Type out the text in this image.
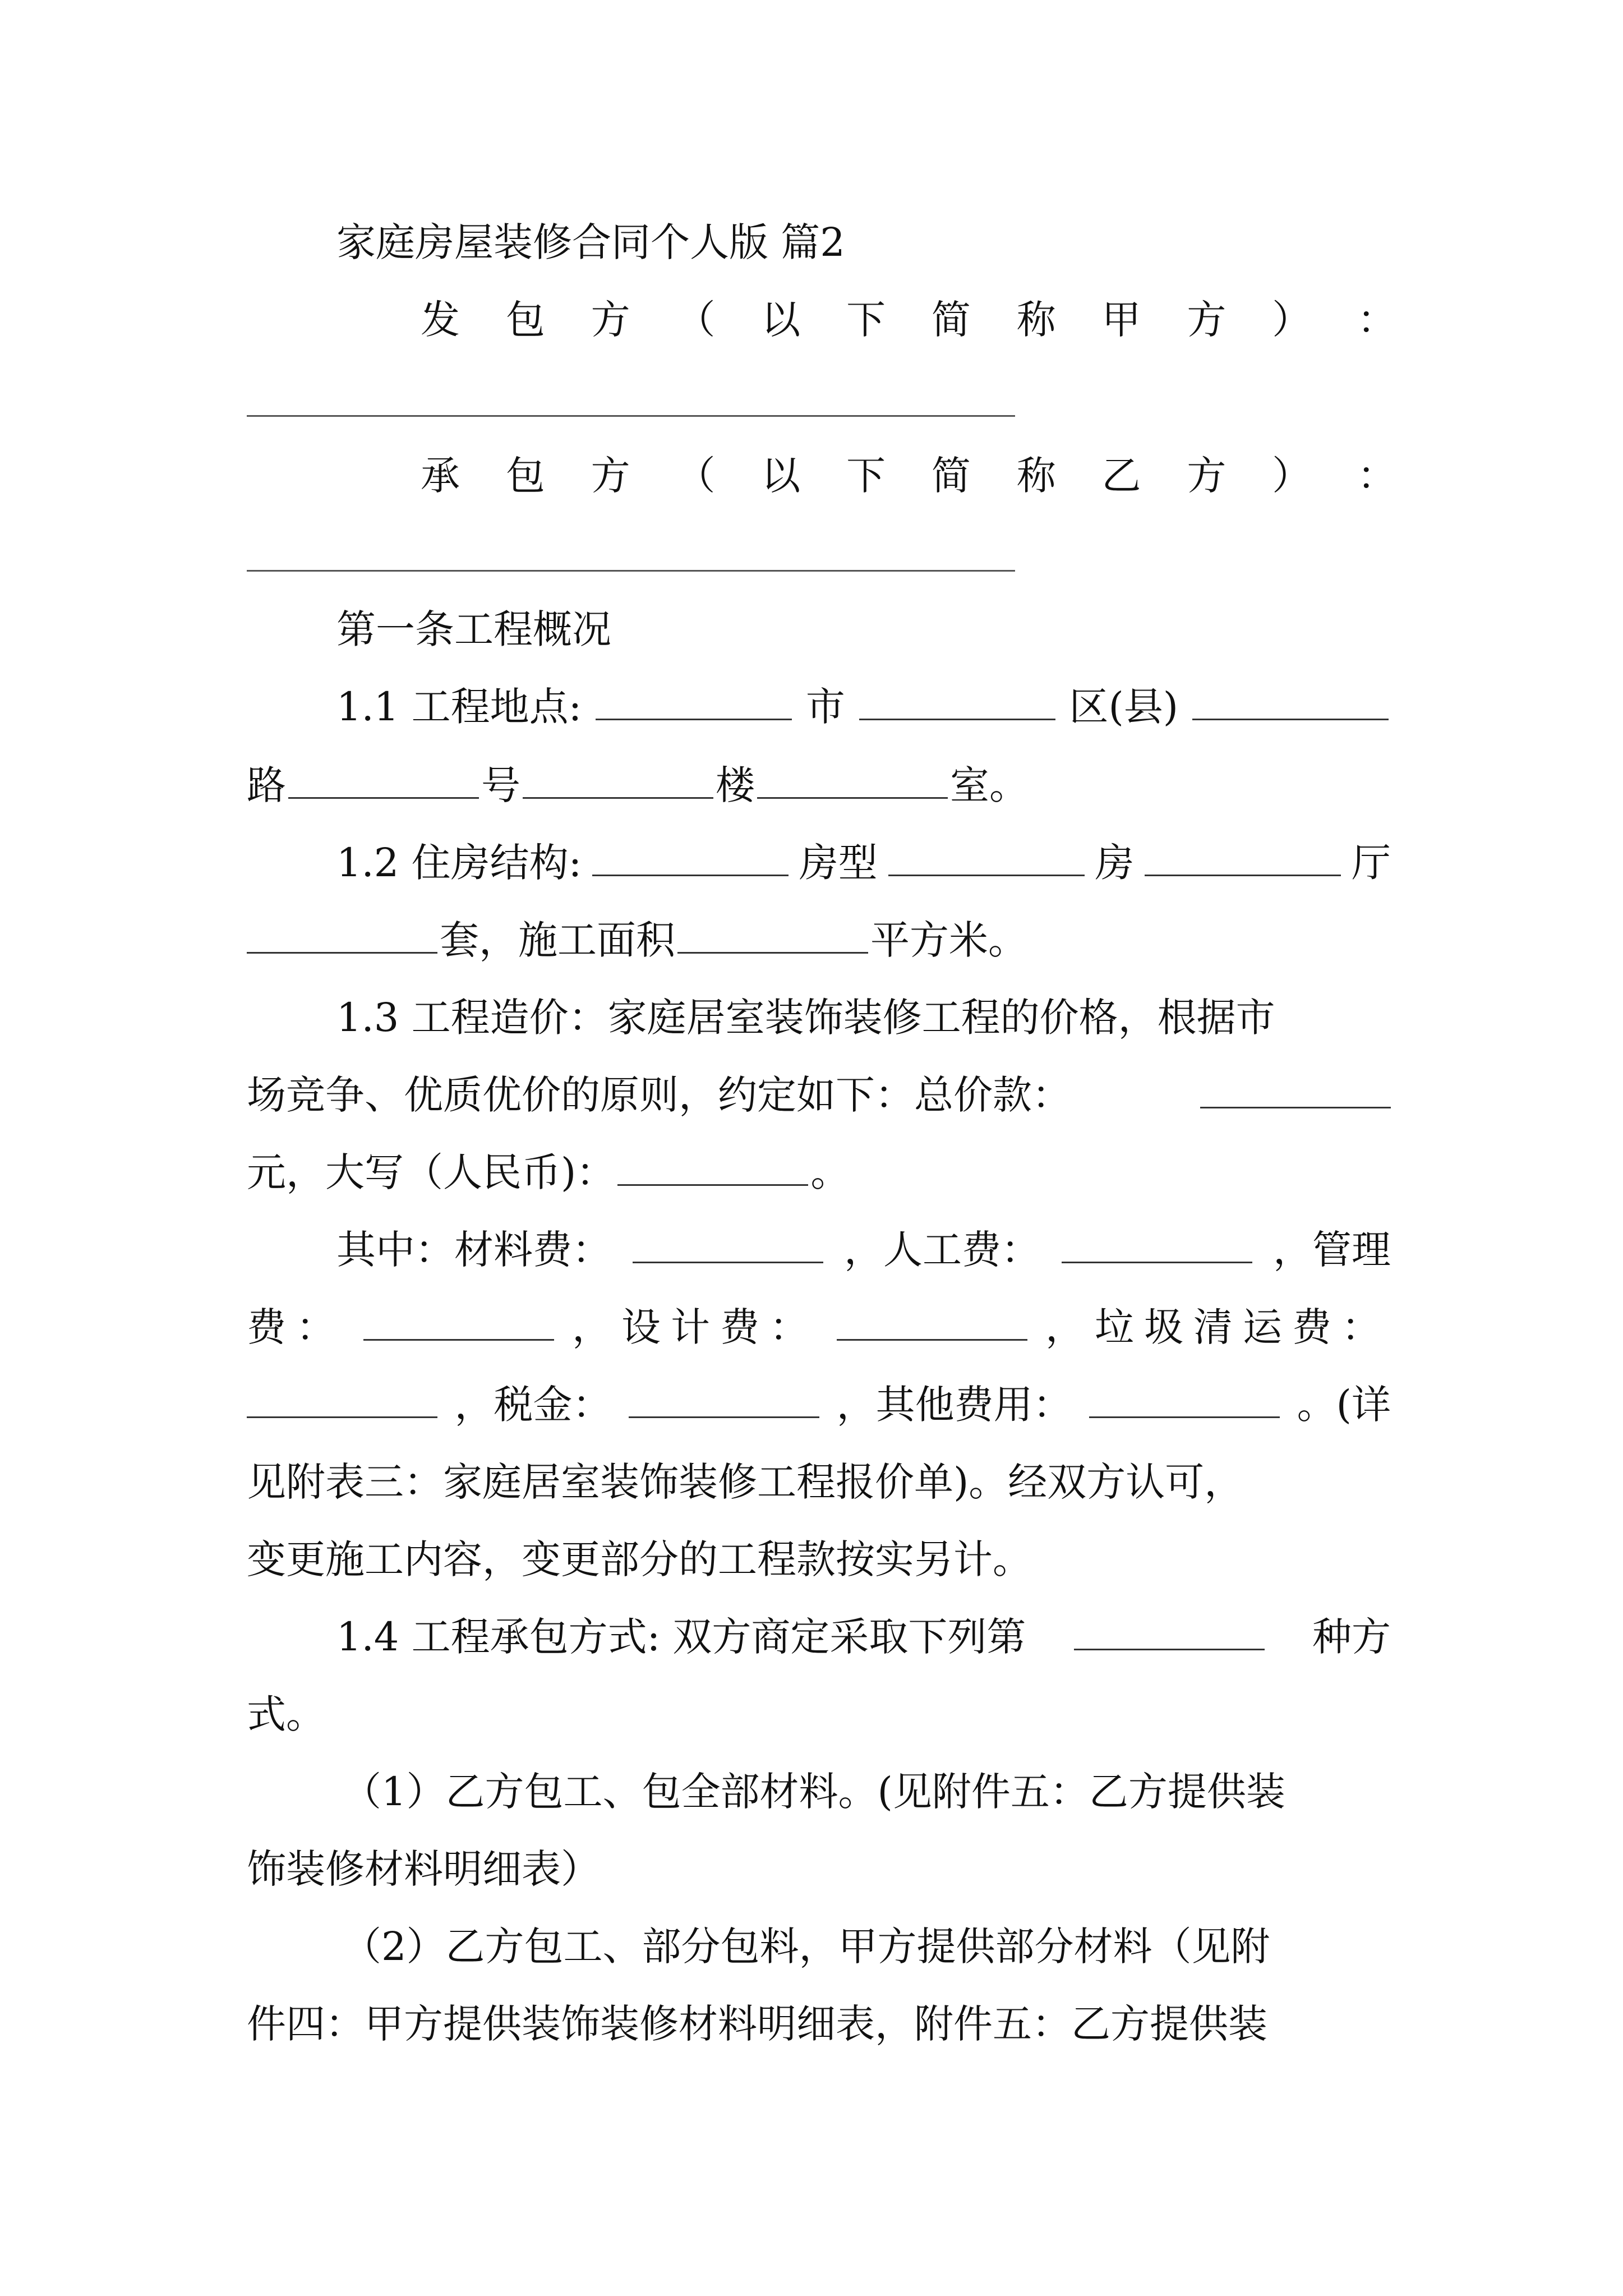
家庭房屋装修合同个人版 篇2
发 包 方 （ 以 下 简 称 甲 方 ） ：
承 包 方 （ 以 下 简 称 乙 方 ） ：
第一条工程概况
1.1 工程地点:	市	区(县)
路	号	楼	室。
1.2 住房结构:	房型	房	厅
套，施工面积	平方米。
1.3 工程造价：家庭居室装饰装修工程的价格，根据市
场竞争、优质优价的原则，约定如下：总价款：
元，大写（人民币)：	。
其中：材料费：	，人工费：	，管理
费：	，设计费：	，垃圾清运费：
，税金：	，其他费用：	。(详
见附表三：家庭居室装饰装修工程报价单)。经双方认可，
变更施工内容，变更部分的工程款按实另计。
1.4 工程承包方式: 双方商定采取下列第	种方
式。
（1）乙方包工、包全部材料。(见附件五：乙方提供装
饰装修材料明细表）
（2）乙方包工、部分包料，甲方提供部分材料（见附
件四：甲方提供装饰装修材料明细表，附件五：乙方提供装
